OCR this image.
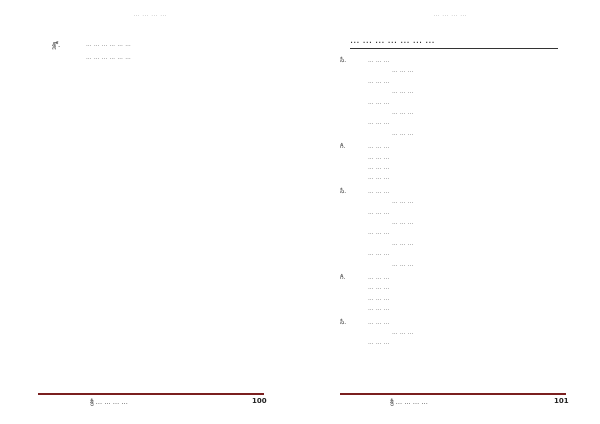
… … … …
శ్లో.	… … … … … …
… … … … … …
శ్రీ … … … …	100
… … … …
… … … … … … …
సీ.	… … …
… … …
… … …
… … …
… … …
… … …
… … …
… … …
గీ.	… … …
… … …
… … …
… … …
సీ.	… … …
… … …
… … …
… … …
… … …
… … …
… … …
… … …
గీ.	… … …
… … …
… … …
… … …
సీ.	… … …
… … …
… … …
శ్రీ … … … …	101
